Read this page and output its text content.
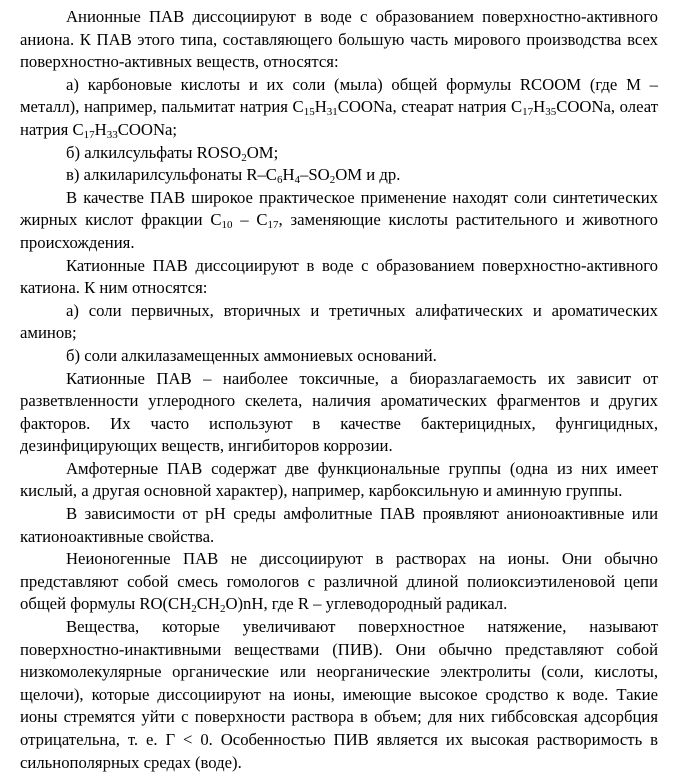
Анионные ПАВ диссоциируют в воде с образованием поверхностно-активного аниона. К ПАВ этого типа, составляющего большую часть мирового производства всех поверхностно-активных веществ, относятся:

а) карбоновые кислоты и их соли (мыла) общей формулы RCOOM (где М – металл), например, пальмитат натрия $C_{15}H_{31}COONa$, стеарат натрия $C_{17}H_{35}COONa$, олеат натрия $C_{17}H_{33}COONa$;

б) алкилсульфаты $ROSO_2OM$;

в) алкиларилсульфонаты $R-C_6H_4-SO_2OM$ и др.

В качестве ПАВ широкое практическое применение находят соли синтетических жирных кислот фракции $C_{10} - C_{17}$, заменяющие кислоты растительного и животного происхождения.

Катионные ПАВ диссоциируют в воде с образованием поверхностно-активного катиона. К ним относятся:

а) соли первичных, вторичных и третичных алифатических и ароматических аминов;

б) соли алкилазамещенных аммониевых оснований.

Катионные ПАВ – наиболее токсичные, а биоразлагаемость их зависит от разветвленности углеродного скелета, наличия ароматических фрагментов и других факторов. Их часто используют в качестве бактерицидных, фунгицидных, дезинфицирующих веществ, ингибиторов коррозии.

Амфотерные ПАВ содержат две функциональные группы (одна из них имеет кислый, а другая основной характер), например, карбоксильную и аминную группы.

В зависимости от pH среды амфолитные ПАВ проявляют анионоактивные или катионоактивные свойства.

Неионогенные ПАВ не диссоциируют в растворах на ионы. Они обычно представляют собой смесь гомологов с различной длиной полиоксиэтиленовой цепи общей формулы $RO(CH_2CH_2O)nH$, где R – углеводородный радикал.

Вещества, которые увеличивают поверхностное натяжение, называют поверхностно-инактивными веществами (ПИВ). Они обычно представляют собой низкомолекулярные органические или неорганические электролиты (соли, кислоты, щелочи), которые диссоциируют на ионы, имеющие высокое сродство к воде. Такие ионы стремятся уйти с поверхности раствора в объем; для них гиббсовская адсорбция отрицательна, т. е. Г < 0. Особенностью ПИВ является их высокая растворимость в сильнополярных средах (воде).
